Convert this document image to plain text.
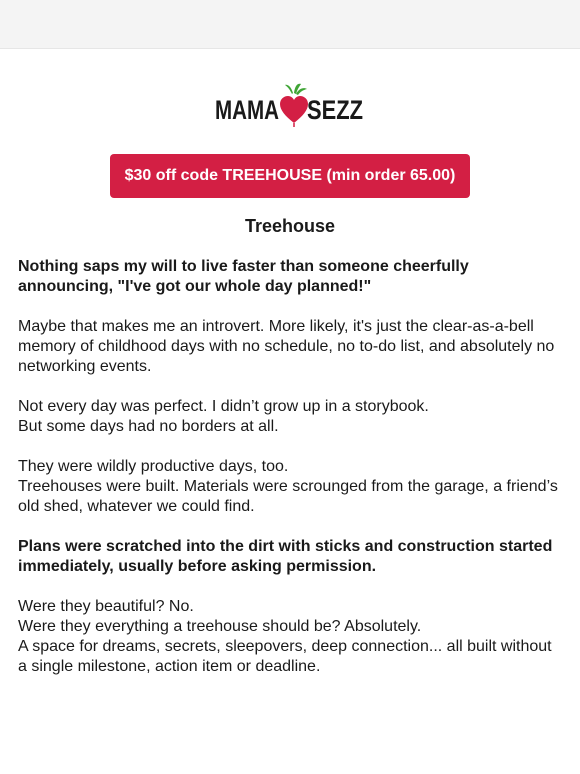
MAMA SEZZ
$30 off code TREEHOUSE (min order 65.00)
Treehouse

Nothing saps my will to live faster than someone cheerfully announcing, "I've got our whole day planned!"

Maybe that makes me an introvert. More likely, it's just the clear-as-a-bell memory of childhood days with no schedule, no to-do list, and absolutely no networking events.

Not every day was perfect. I didn’t grow up in a storybook.
But some days had no borders at all.

They were wildly productive days, too.
Treehouses were built. Materials were scrounged from the garage, a friend’s old shed, whatever we could find.

Plans were scratched into the dirt with sticks and construction started immediately, usually before asking permission.

Were they beautiful? No.
Were they everything a treehouse should be? Absolutely.
A space for dreams, secrets, sleepovers, deep connection... all built without a single milestone, action item or deadline.
